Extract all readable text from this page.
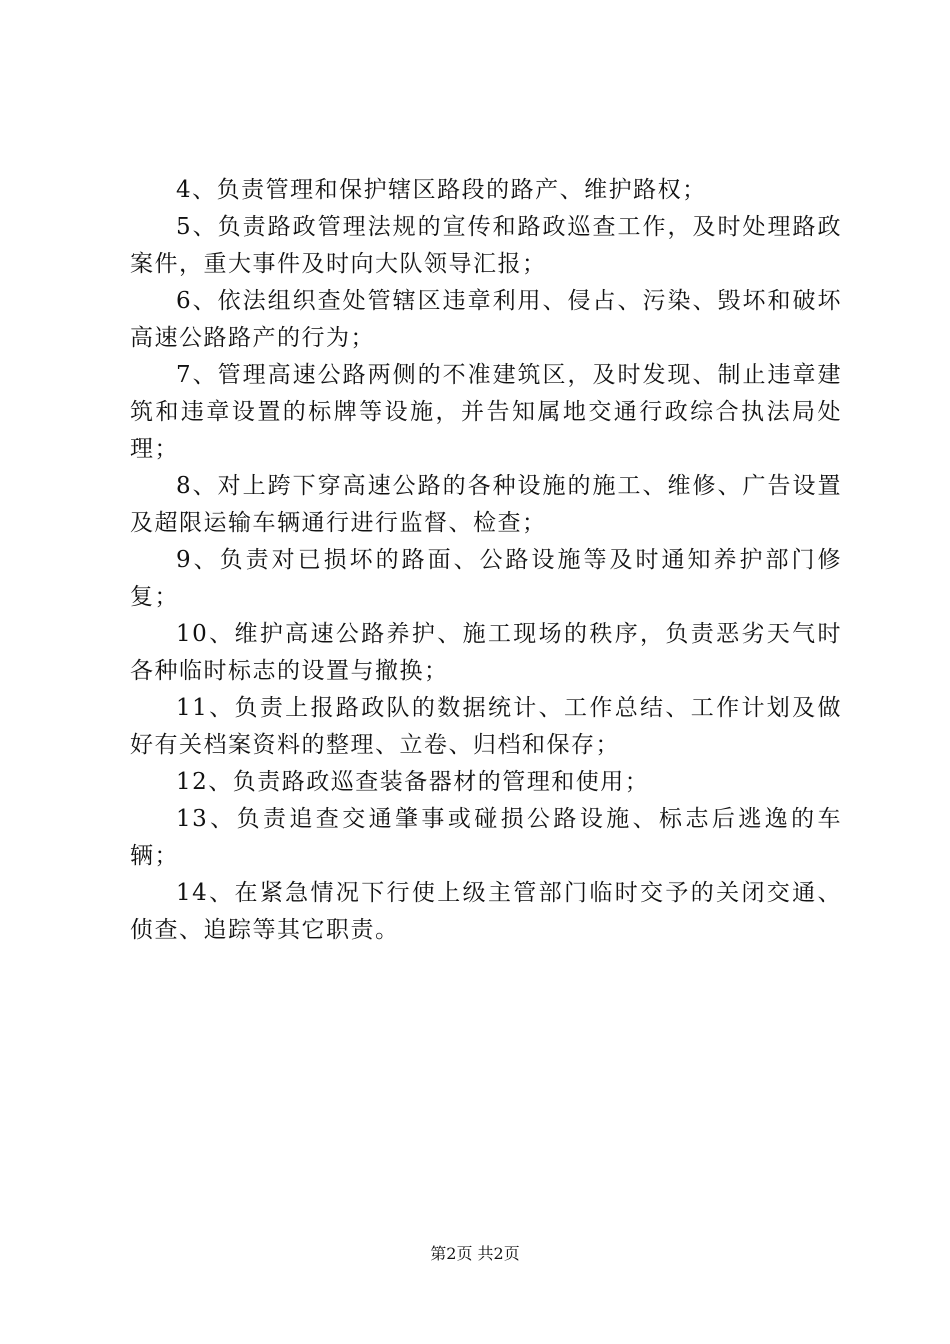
4、负责管理和保护辖区路段的路产、维护路权；

5、负责路政管理法规的宣传和路政巡查工作，及时处理路政案件，重大事件及时向大队领导汇报；

6、依法组织查处管辖区违章利用、侵占、污染、毁坏和破坏高速公路路产的行为；

7、管理高速公路两侧的不准建筑区，及时发现、制止违章建筑和违章设置的标牌等设施，并告知属地交通行政综合执法局处理；

8、对上跨下穿高速公路的各种设施的施工、维修、广告设置及超限运输车辆通行进行监督、检查；

9、负责对已损坏的路面、公路设施等及时通知养护部门修复；

10、维护高速公路养护、施工现场的秩序，负责恶劣天气时各种临时标志的设置与撤换；

11、负责上报路政队的数据统计、工作总结、工作计划及做好有关档案资料的整理、立卷、归档和保存；

12、负责路政巡查装备器材的管理和使用；

13、负责追查交通肇事或碰损公路设施、标志后逃逸的车辆；

14、在紧急情况下行使上级主管部门临时交予的关闭交通、侦查、追踪等其它职责。

第2页 共2页
